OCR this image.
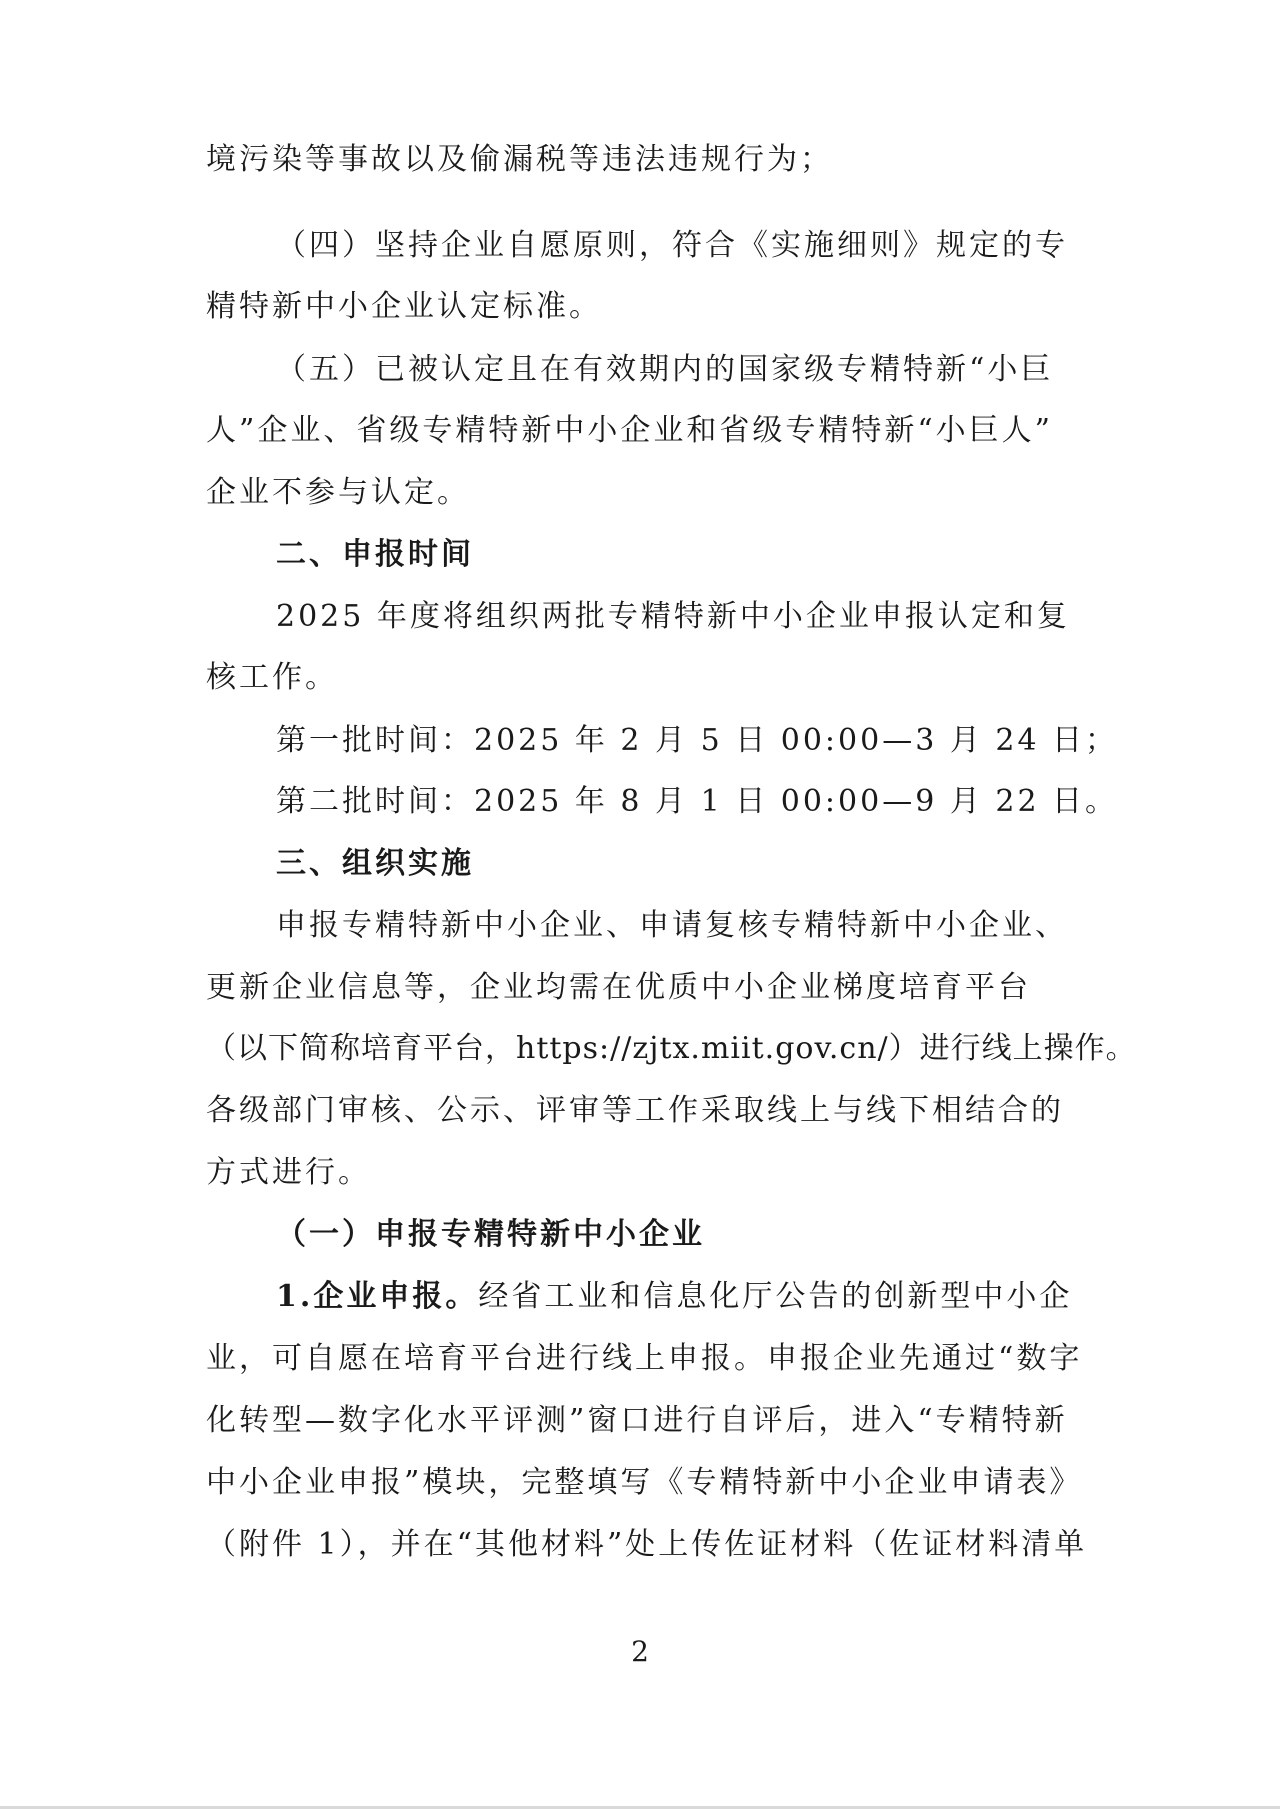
境污染等事故以及偷漏税等违法违规行为；
（四）坚持企业自愿原则，符合《实施细则》规定的专
精特新中小企业认定标准。
（五）已被认定且在有效期内的国家级专精特新“小巨
人”企业、省级专精特新中小企业和省级专精特新“小巨人”
企业不参与认定。
二、申报时间
2025 年度将组织两批专精特新中小企业申报认定和复
核工作。
第一批时间：2025 年 2 月 5 日 00:00—3 月 24 日；
第二批时间：2025 年 8 月 1 日 00:00—9 月 22 日。
三、组织实施
申报专精特新中小企业、申请复核专精特新中小企业、
更新企业信息等，企业均需在优质中小企业梯度培育平台
（以下简称培育平台，https://zjtx.miit.gov.cn/）进行线上操作。
各级部门审核、公示、评审等工作采取线上与线下相结合的
方式进行。
（一）申报专精特新中小企业
1.企业申报。经省工业和信息化厅公告的创新型中小企
业，可自愿在培育平台进行线上申报。申报企业先通过“数字
化转型—数字化水平评测”窗口进行自评后，进入“专精特新
中小企业申报”模块，完整填写《专精特新中小企业申请表》
（附件 1），并在“其他材料”处上传佐证材料（佐证材料清单
2
